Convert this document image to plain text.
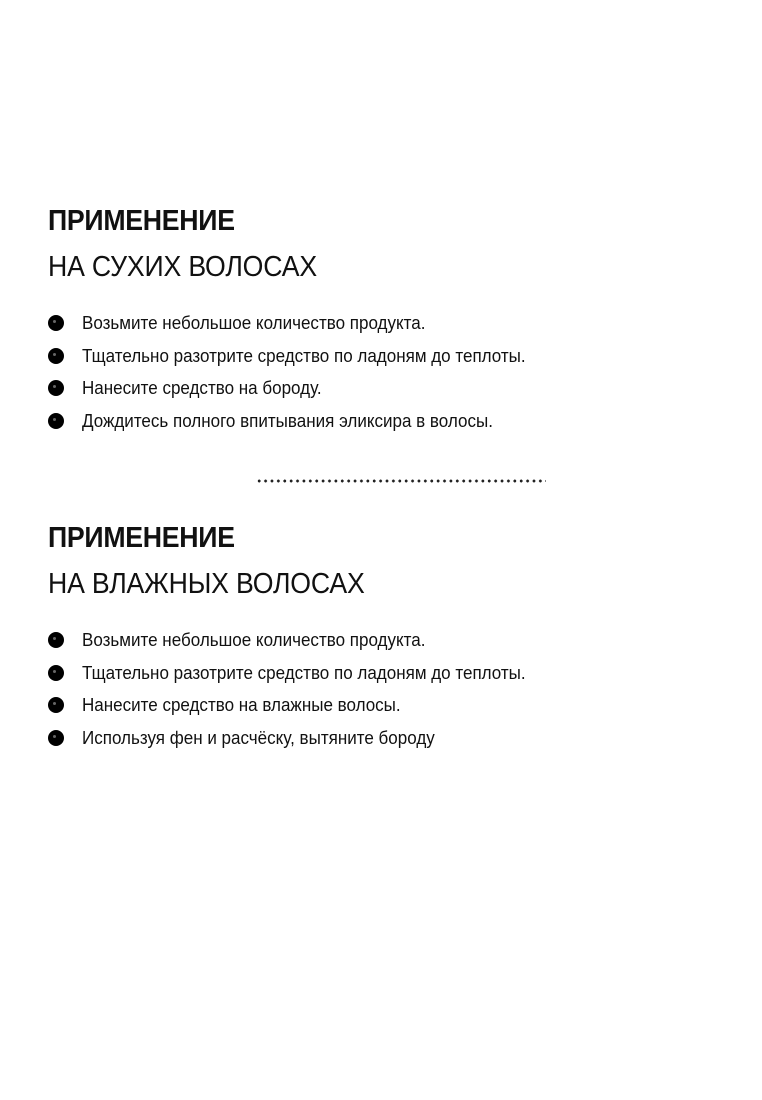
ПРИМЕНЕНИЕ
НА СУХИХ ВОЛОСАХ
Возьмите небольшое количество продукта.
Тщательно разотрите средство по ладоням до теплоты.
Нанесите средство на бороду.
Дождитесь полного впитывания эликсира в волосы.
ПРИМЕНЕНИЕ
НА ВЛАЖНЫХ ВОЛОСАХ
Возьмите небольшое количество продукта.
Тщательно разотрите средство по ладоням до теплоты.
Нанесите средство на влажные волосы.
Используя фен и расчёску, вытяните бороду
